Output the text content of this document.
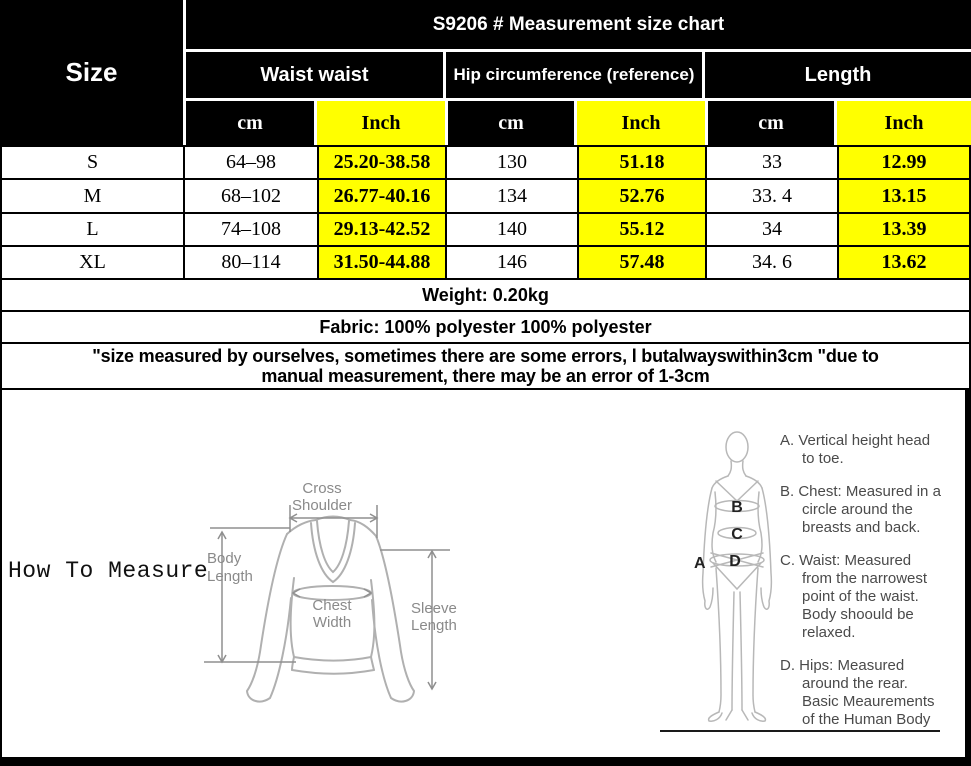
Size
S9206 # Measurement size chart
Waist waist	Hip circumference (reference)	Length
cm	Inch	cm	Inch	cm	Inch
S	64–98	25.20-38.58	130	51.18	33	12.99
M	68–102	26.77-40.16	134	52.76	33. 4	13.15
L	74–108	29.13-42.52	140	55.12	34	13.39
XL	80–114	31.50-44.88	146	57.48	34. 6	13.62
Weight: 0.20kg
Fabric: 100% polyester 100% polyester
"size measured by ourselves, sometimes there are some errors, l butalwayswithin3cm "due to
manual measurement, there may be an error of 1-3cm
How To Measure
Cross
Shoulder
Body
Length
Chest
Width
Sleeve
Length
A
B
C
D
A. Vertical height head
to toe.
B. Chest: Measured in a
circle around the
breasts and back.
C. Waist: Measured
from the narrowest
point of the waist.
Body shoould be
relaxed.
D. Hips: Measured
around the rear.
Basic Meaurements
of the Human Body
